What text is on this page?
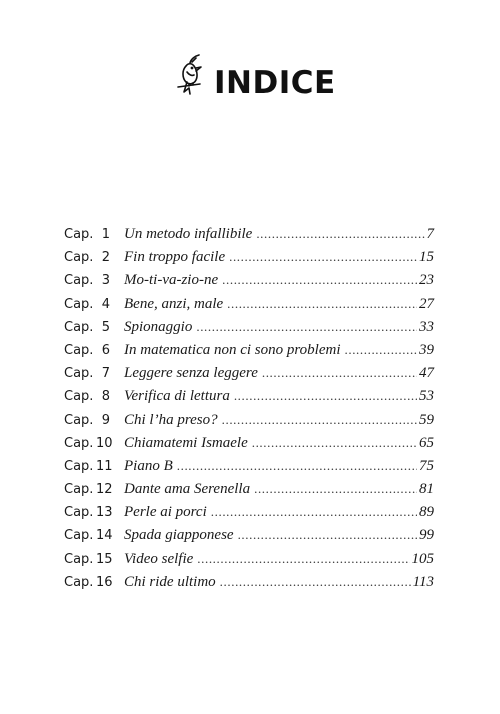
INDICE
Cap. 1 Un metodo infallibile .....	7
Cap. 2 Fin troppo facile .....	15
Cap. 3 Mo-ti-va-zio-ne .....	23
Cap. 4 Bene, anzi, male .....	27
Cap. 5 Spionaggio .....	33
Cap. 6 In matematica non ci sono problemi .....	39
Cap. 7 Leggere senza leggere .....	47
Cap. 8 Verifica di lettura .....	53
Cap. 9 Chi l’ha preso? .....	59
Cap. 10 Chiamatemi Ismaele .....	65
Cap. 11 Piano B .....	75
Cap. 12 Dante ama Serenella .....	81
Cap. 13 Perle ai porci .....	89
Cap. 14 Spada giapponese .....	99
Cap. 15 Video selfie .....	105
Cap. 16 Chi ride ultimo .....	113
